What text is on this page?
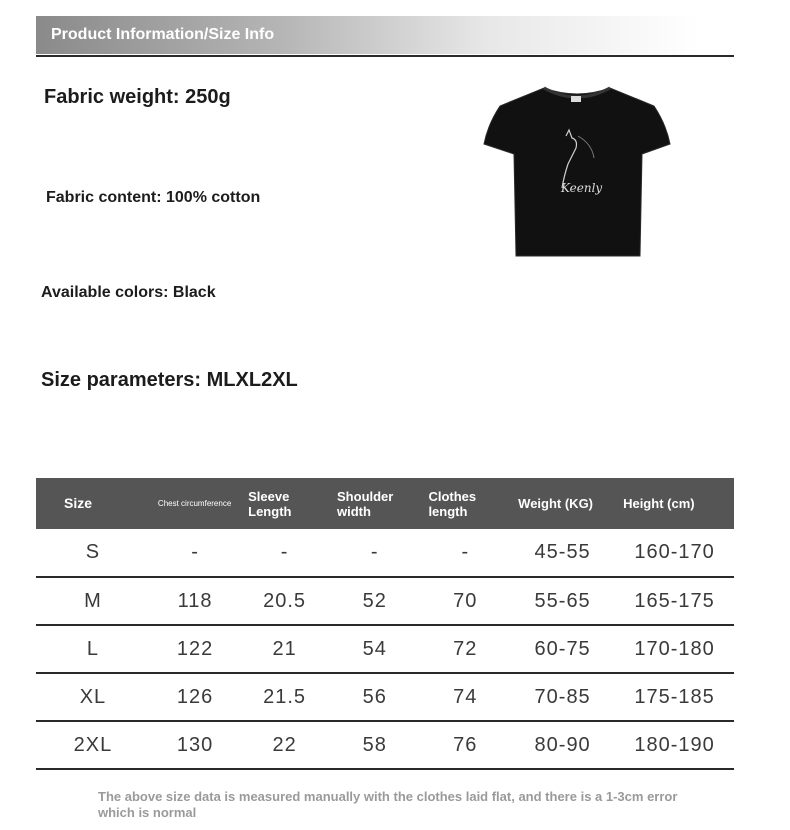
Product Information/Size Info
Fabric weight: 250g
Fabric content: 100% cotton
Available colors: Black
Size parameters: MLXL2XL
Keenly
Size	Chest circumference	Sleeve Length	Shoulder width	Clothes length	Weight (KG)	Height (cm)
S	-	-	-	-	45-55	160-170
M	118	20.5	52	70	55-65	165-175
L	122	21	54	72	60-75	170-180
XL	126	21.5	56	74	70-85	175-185
2XL	130	22	58	76	80-90	180-190
The above size data is measured manually with the clothes laid flat, and there is a 1-3cm error which is normal
